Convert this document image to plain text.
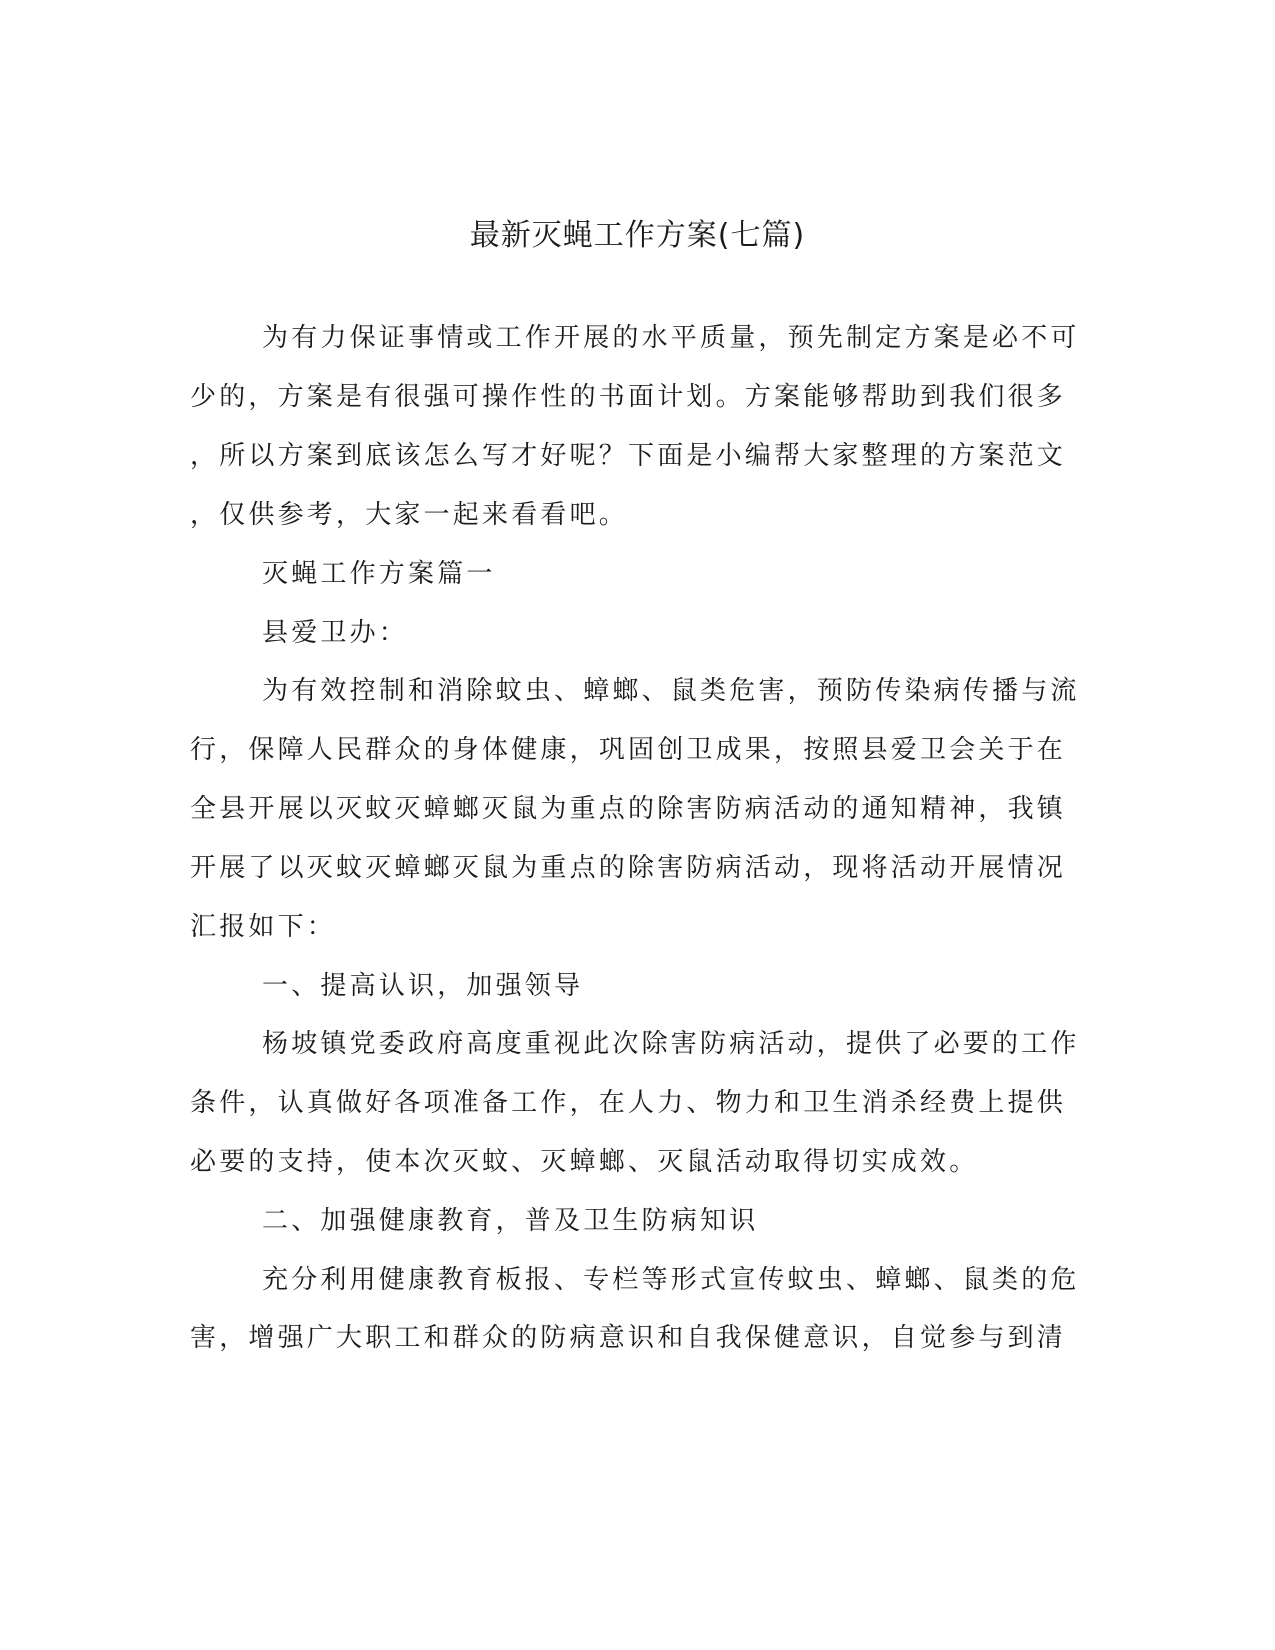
最新灭蝇工作方案(七篇)
为有力保证事情或工作开展的水平质量，预先制定方案是必不可
少的，方案是有很强可操作性的书面计划。方案能够帮助到我们很多
，所以方案到底该怎么写才好呢？下面是小编帮大家整理的方案范文
，仅供参考，大家一起来看看吧。
灭蝇工作方案篇一
县爱卫办：
为有效控制和消除蚊虫、蟑螂、鼠类危害，预防传染病传播与流
行，保障人民群众的身体健康，巩固创卫成果，按照县爱卫会关于在
全县开展以灭蚊灭蟑螂灭鼠为重点的除害防病活动的通知精神，我镇
开展了以灭蚊灭蟑螂灭鼠为重点的除害防病活动，现将活动开展情况
汇报如下：
一、提高认识，加强领导
杨坡镇党委政府高度重视此次除害防病活动，提供了必要的工作
条件，认真做好各项准备工作，在人力、物力和卫生消杀经费上提供
必要的支持，使本次灭蚊、灭蟑螂、灭鼠活动取得切实成效。
二、加强健康教育，普及卫生防病知识
充分利用健康教育板报、专栏等形式宣传蚊虫、蟑螂、鼠类的危
害，增强广大职工和群众的防病意识和自我保健意识，自觉参与到清
